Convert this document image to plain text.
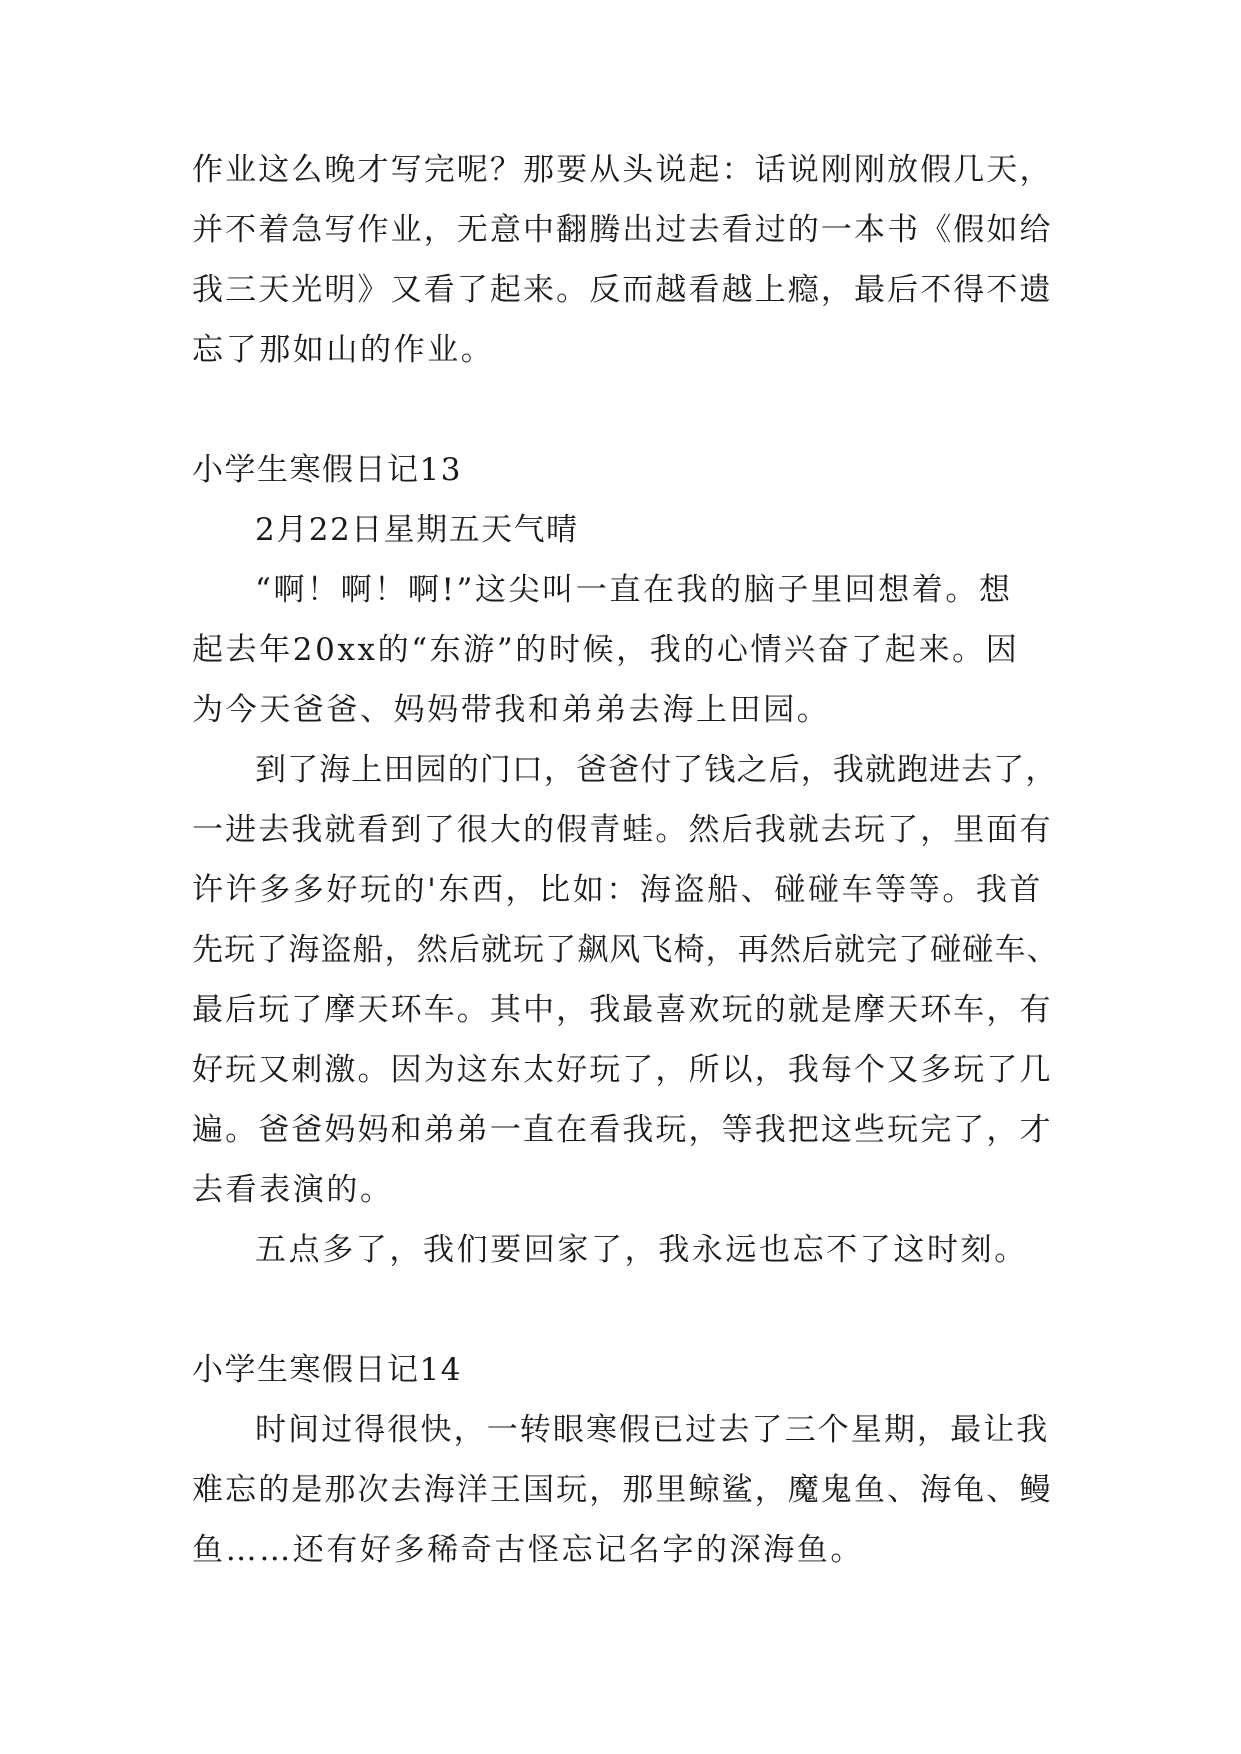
作业这么晚才写完呢？那要从头说起：话说刚刚放假几天，
并不着急写作业，无意中翻腾出过去看过的一本书《假如给
我三天光明》又看了起来。反而越看越上瘾，最后不得不遗
忘了那如山的作业。
小学生寒假日记13
2月22日星期五天气晴
“啊！啊！啊!”这尖叫一直在我的脑子里回想着。想
起去年20xx的“东游”的时候，我的心情兴奋了起来。因
为今天爸爸、妈妈带我和弟弟去海上田园。
到了海上田园的门口，爸爸付了钱之后，我就跑进去了，
一进去我就看到了很大的假青蛙。然后我就去玩了，里面有
许许多多好玩的'东西，比如：海盗船、碰碰车等等。我首
先玩了海盗船，然后就玩了飙风飞椅，再然后就完了碰碰车、
最后玩了摩天环车。其中，我最喜欢玩的就是摩天环车，有
好玩又刺激。因为这东太好玩了，所以，我每个又多玩了几
遍。爸爸妈妈和弟弟一直在看我玩，等我把这些玩完了，才
去看表演的。
五点多了，我们要回家了，我永远也忘不了这时刻。
小学生寒假日记14
时间过得很快，一转眼寒假已过去了三个星期，最让我
难忘的是那次去海洋王国玩，那里鲸鲨，魔鬼鱼、海龟、鳗
鱼……还有好多稀奇古怪忘记名字的深海鱼。
